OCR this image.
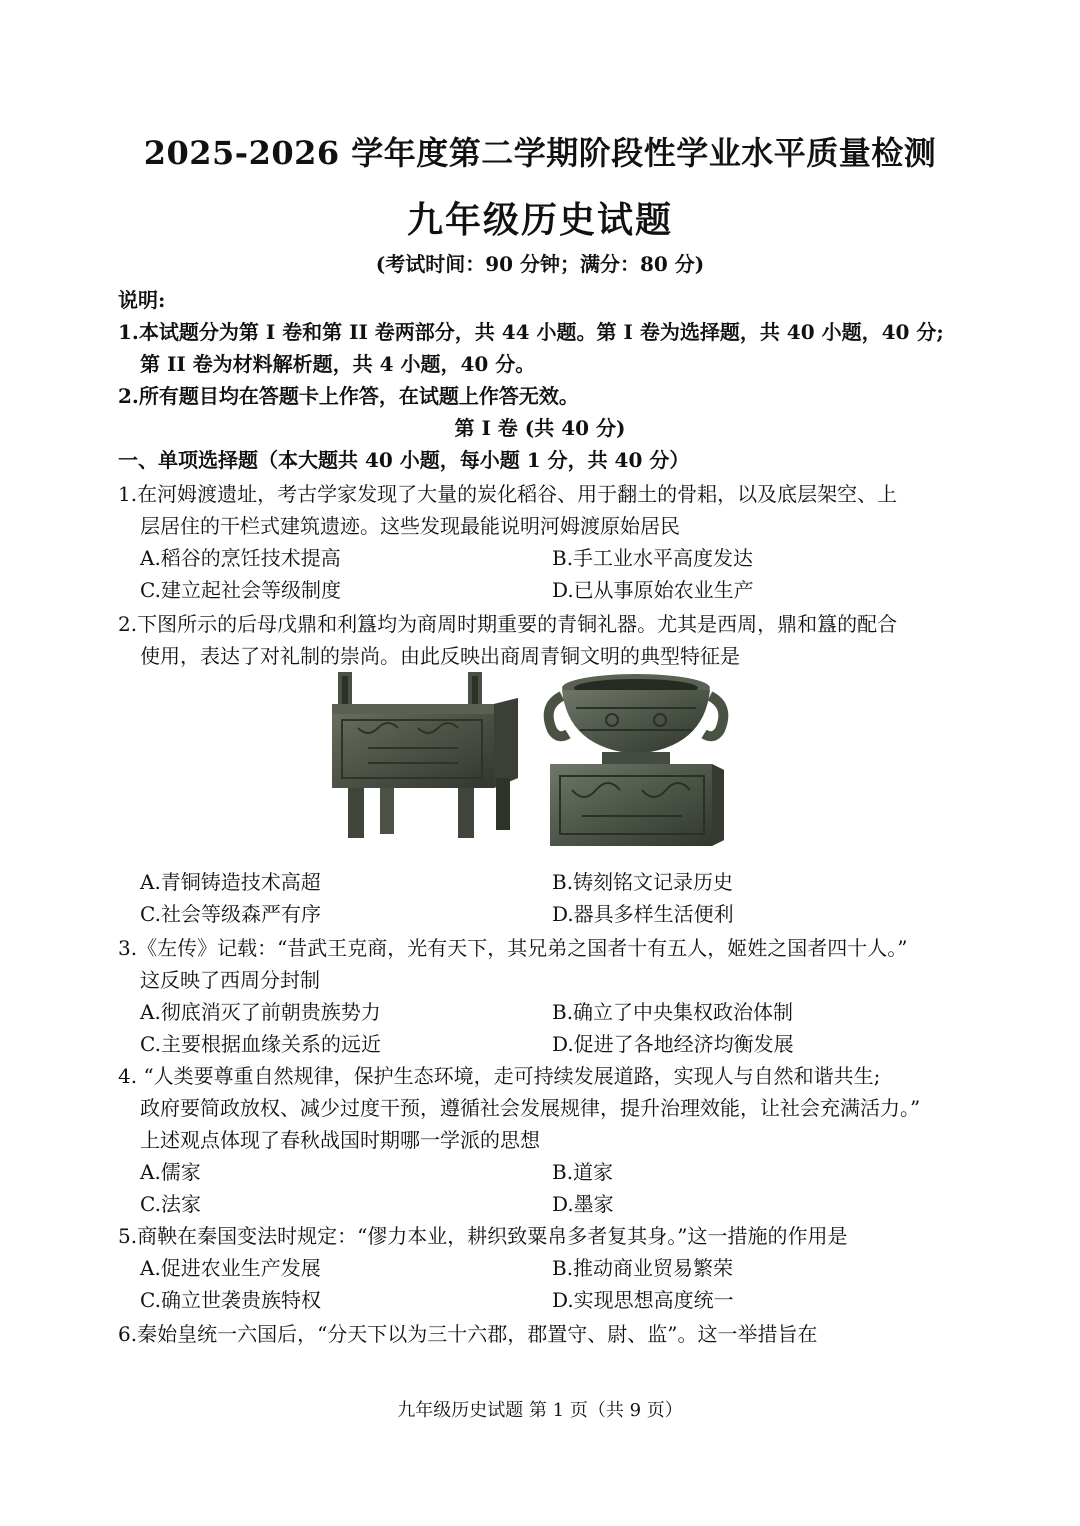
2025-2026 学年度第二学期阶段性学业水平质量检测
九年级历史试题
(考试时间：90 分钟；满分：80 分)
说明:
1.本试题分为第 I 卷和第 II 卷两部分，共 44 小题。第 I 卷为选择题，共 40 小题，40 分;
第 II 卷为材料解析题，共 4 小题，40 分。
2.所有题目均在答题卡上作答，在试题上作答无效。
第 I 卷 (共 40 分)
一、单项选择题（本大题共 40 小题，每小题 1 分，共 40 分）
1.在河姆渡遗址，考古学家发现了大量的炭化稻谷、用于翻土的骨耜，以及底层架空、上
层居住的干栏式建筑遗迹。这些发现最能说明河姆渡原始居民
A.稻谷的烹饪技术提高	B.手工业水平高度发达
C.建立起社会等级制度	D.已从事原始农业生产
2.下图所示的后母戊鼎和利簋均为商周时期重要的青铜礼器。尤其是西周，鼎和簋的配合
使用，表达了对礼制的崇尚。由此反映出商周青铜文明的典型特征是
A.青铜铸造技术高超	B.铸刻铭文记录历史
C.社会等级森严有序	D.器具多样生活便利
3.《左传》记载：“昔武王克商，光有天下，其兄弟之国者十有五人，姬姓之国者四十人。”
这反映了西周分封制
A.彻底消灭了前朝贵族势力	B.确立了中央集权政治体制
C.主要根据血缘关系的远近	D.促进了各地经济均衡发展
4. “人类要尊重自然规律，保护生态环境，走可持续发展道路，实现人与自然和谐共生;
政府要简政放权、减少过度干预，遵循社会发展规律，提升治理效能，让社会充满活力。”
上述观点体现了春秋战国时期哪一学派的思想
A.儒家	B.道家
C.法家	D.墨家
5.商鞅在秦国变法时规定：“僇力本业，耕织致粟帛多者复其身。”这一措施的作用是
A.促进农业生产发展	B.推动商业贸易繁荣
C.确立世袭贵族特权	D.实现思想高度统一
6.秦始皇统一六国后，“分天下以为三十六郡，郡置守、尉、监”。这一举措旨在
九年级历史试题 第 1 页（共 9 页）
